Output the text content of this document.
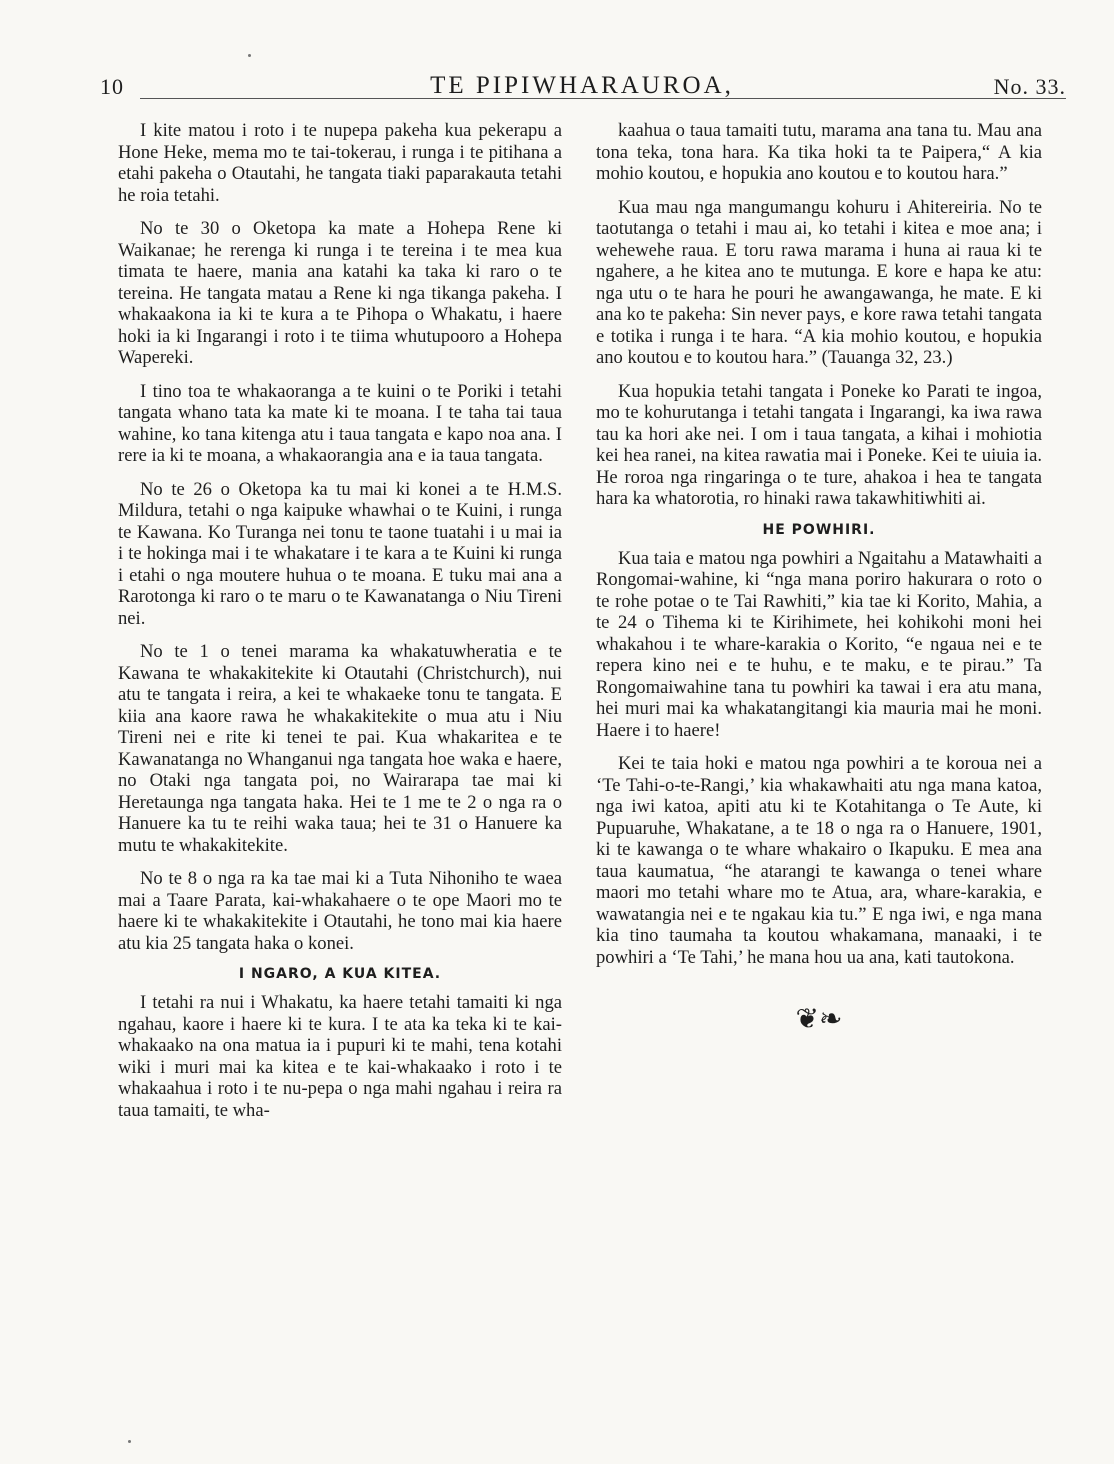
10	TE PIPIWHARAUROA,	No. 33.

I kite matou i roto i te nupepa pakeha kua pekerapu a Hone Heke, mema mo te tai-tokerau, i runga i te pitihana a etahi pakeha o Otautahi, he tangata tiaki paparakauta tetahi he roia tetahi.

No te 30 o Oketopa ka mate a Hohepa Rene ki Waikanae; he rerenga ki runga i te tereina i te mea kua timata te haere, mania ana katahi ka taka ki raro o te tereina. He tangata matau a Rene ki nga tikanga pakeha. I whakaakona ia ki te kura a te Pihopa o Whakatu, i haere hoki ia ki Ingarangi i roto i te tiima whutupooro a Hohepa Wapereki.

I tino toa te whakaoranga a te kuini o te Poriki i tetahi tangata whano tata ka mate ki te moana. I te taha tai taua wahine, ko tana kitenga atu i taua tangata e kapo noa ana. I rere ia ki te moana, a whakaorangia ana e ia taua tangata.

No te 26 o Oketopa ka tu mai ki konei a te H.M.S. Mildura, tetahi o nga kaipuke whawhai o te Kuini, i runga te Kawana. Ko Turanga nei tonu te taone tuatahi i u mai ia i te hokinga mai i te whakatare i te kara a te Kuini ki runga i etahi o nga moutere huhua o te moana. E tuku mai ana a Rarotonga ki raro o te maru o te Kawanatanga o Niu Tireni nei.

No te 1 o tenei marama ka whakatuwheratia e te Kawana te whakakitekite ki Otautahi (Christchurch), nui atu te tangata i reira, a kei te whakaeke tonu te tangata. E kiia ana kaore rawa he whakakitekite o mua atu i Niu Tireni nei e rite ki tenei te pai. Kua whakaritea e te Kawanatanga no Whanganui nga tangata hoe waka e haere, no Otaki nga tangata poi, no Wairarapa tae mai ki Heretaunga nga tangata haka. Hei te 1 me te 2 o nga ra o Hanuere ka tu te reihi waka taua; hei te 31 o Hanuere ka mutu te whakakitekite.

No te 8 o nga ra ka tae mai ki a Tuta Nihoniho te waea mai a Taare Parata, kai-whakahaere o te ope Maori mo te haere ki te whakakitekite i Otautahi, he tono mai kia haere atu kia 25 tangata haka o konei.

I NGARO, A KUA KITEA.

I tetahi ra nui i Whakatu, ka haere tetahi tamaiti ki nga ngahau, kaore i haere ki te kura. I te ata ka teka ki te kai-whakaako na ona matua ia i pupuri ki te mahi, tena kotahi wiki i muri mai ka kitea e te kai-whakaako i roto i te whakaahua i roto i te nu-pepa o nga mahi ngahau i reira ra taua tamaiti, te wha-

kaahua o taua tamaiti tutu, marama ana tana tu. Mau ana tona teka, tona hara. Ka tika hoki ta te Paipera,“ A kia mohio koutou, e hopukia ano koutou e to koutou hara.”

Kua mau nga mangumangu kohuru i Ahitereiria. No te taotutanga o tetahi i mau ai, ko tetahi i kitea e moe ana; i wehewehe raua. E toru rawa marama i huna ai raua ki te ngahere, a he kitea ano te mutunga. E kore e hapa ke atu: nga utu o te hara he pouri he awangawanga, he mate. E ki ana ko te pakeha: Sin never pays, e kore rawa tetahi tangata e totika i runga i te hara. “A kia mohio koutou, e hopukia ano koutou e to koutou hara.” (Tauanga 32, 23.)

Kua hopukia tetahi tangata i Poneke ko Parati te ingoa, mo te kohurutanga i tetahi tangata i Ingarangi, ka iwa rawa tau ka hori ake nei. I om i taua tangata, a kihai i mohiotia kei hea ranei, na kitea rawatia mai i Poneke. Kei te uiuia ia. He roroa nga ringaringa o te ture, ahakoa i hea te tangata hara ka whatorotia, ro hinaki rawa takawhitiwhiti ai.

HE POWHIRI.

Kua taia e matou nga powhiri a Ngaitahu a Matawhaiti a Rongomai-wahine, ki “nga mana poriro hakurara o roto o te rohe potae o te Tai Rawhiti,” kia tae ki Korito, Mahia, a te 24 o Tihema ki te Kirihimete, hei kohikohi moni hei whakahou i te whare-karakia o Korito, “e ngaua nei e te repera kino nei e te huhu, e te maku, e te pirau.” Ta Rongomaiwahine tana tu powhiri ka tawai i era atu mana, hei muri mai ka whakatangitangi kia mauria mai he moni. Haere i to haere!

Kei te taia hoki e matou nga powhiri a te koroua nei a ‘Te Tahi-o-te-Rangi,’ kia whakawhaiti atu nga mana katoa, nga iwi katoa, apiti atu ki te Kotahitanga o Te Aute, ki Pupuaruhe, Whakatane, a te 18 o nga ra o Hanuere, 1901, ki te kawanga o te whare whakairo o Ikapuku. E mea ana taua kaumatua, “he atarangi te kawanga o tenei whare maori mo tetahi whare mo te Atua, ara, whare-karakia, e wawatangia nei e te ngakau kia tu.” E nga iwi, e nga mana kia tino taumaha ta koutou whakamana, manaaki, i te powhiri a ‘Te Tahi,’ he mana hou ua ana, kati tautokona.

❦❧
